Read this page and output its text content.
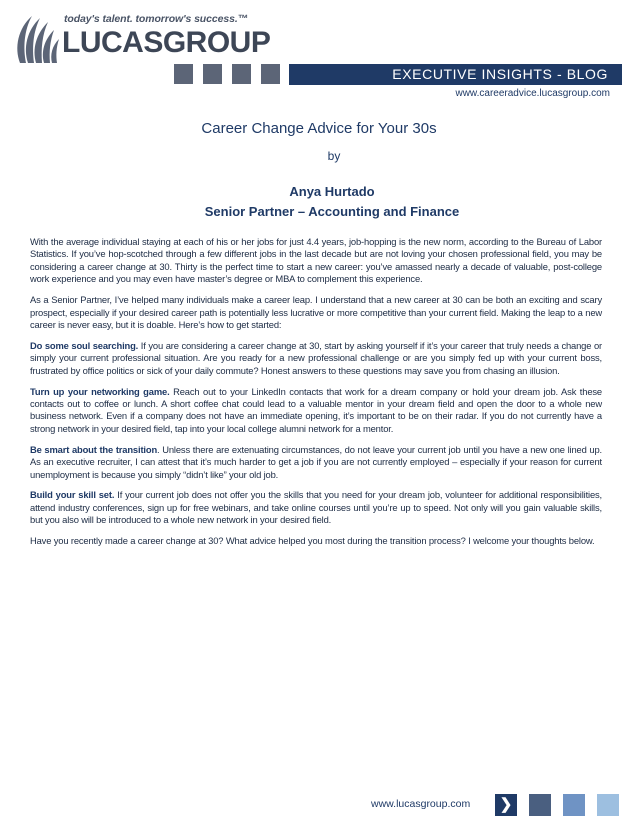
today's talent. tomorrow's success.™
LUCASGROUP
EXECUTIVE INSIGHTS - BLOG
www.careeradvice.lucasgroup.com
Career Change Advice for Your 30s
by
Anya Hurtado
Senior Partner – Accounting and Finance

With the average individual staying at each of his or her jobs for just 4.4 years, job-hopping is the new norm, according to the Bureau of Labor Statistics. If you’ve hop-scotched through a few different jobs in the last decade but are not loving your chosen professional field, you may be considering a career change at 30. Thirty is the perfect time to start a new career: you’ve amassed nearly a decade of valuable, post-college work experience and you may even have master’s degree or MBA to complement this experience.

As a Senior Partner, I’ve helped many individuals make a career leap. I understand that a new career at 30 can be both an exciting and scary prospect, especially if your desired career path is potentially less lucrative or more competitive than your current field. Making the leap to a new career is never easy, but it is doable. Here’s how to get started:

Do some soul searching. If you are considering a career change at 30, start by asking yourself if it’s your career that truly needs a change or simply your current professional situation. Are you ready for a new professional challenge or are you simply fed up with your current boss, frustrated by office politics or sick of your daily commute? Honest answers to these questions may save you from chasing an illusion.

Turn up your networking game. Reach out to your LinkedIn contacts that work for a dream company or hold your dream job. Ask these contacts out to coffee or lunch. A short coffee chat could lead to a valuable mentor in your dream field and open the door to a whole new business network. Even if a company does not have an immediate opening, it’s important to be on their radar. If you do not currently have a strong network in your desired field, tap into your local college alumni network for a mentor.

Be smart about the transition. Unless there are extenuating circumstances, do not leave your current job until you have a new one lined up. As an executive recruiter, I can attest that it’s much harder to get a job if you are not currently employed – especially if your reason for current unemployment is because you simply “didn’t like” your old job.

Build your skill set. If your current job does not offer you the skills that you need for your dream job, volunteer for additional responsibilities, attend industry conferences, sign up for free webinars, and take online courses until you’re up to speed. Not only will you gain valuable skills, but you also will be introduced to a whole new network in your desired field.

Have you recently made a career change at 30? What advice helped you most during the transition process? I welcome your thoughts below.

www.lucasgroup.com	❯
